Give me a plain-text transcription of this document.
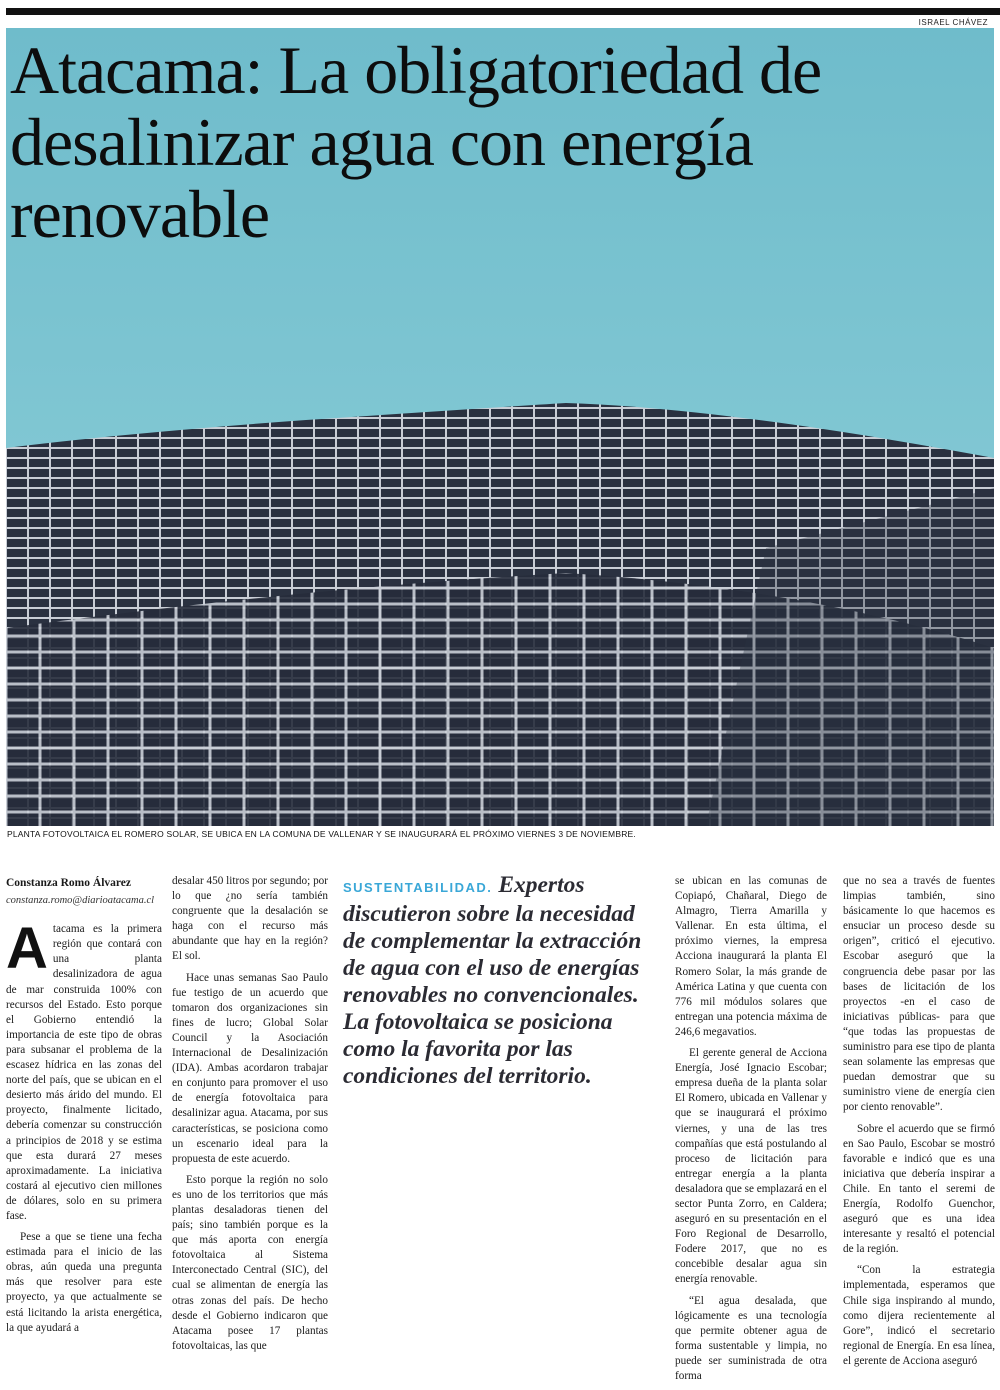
ISRAEL CHÁVEZ
Atacama: La obligatoriedad de desalinizar agua con energía renovable
PLANTA FOTOVOLTAICA EL ROMERO SOLAR, SE UBICA EN LA COMUNA DE VALLENAR Y SE INAUGURARÁ EL PRÓXIMO VIERNES 3 DE NOVIEMBRE.
Constanza Romo Álvarez
constanza.romo@diarioatacama.cl

Atacama es la primera región que contará con una planta desalinizadora de agua de mar construida 100% con recursos del Estado. Esto porque el Gobierno entendió la importancia de este tipo de obras para subsanar el problema de la escasez hídrica en las zonas del norte del país, que se ubican en el desierto más árido del mundo. El proyecto, finalmente licitado, debería comenzar su construcción a principios de 2018 y se estima que esta durará 27 meses aproximadamente. La iniciativa costará al ejecutivo cien millones de dólares, solo en su primera fase.

Pese a que se tiene una fecha estimada para el inicio de las obras, aún queda una pregunta más que resolver para este proyecto, ya que actualmente se está licitando la arista energética, la que ayudará a

desalar 450 litros por segundo; por lo que ¿no sería también congruente que la desalación se haga con el recurso más abundante que hay en la región? El sol.

Hace unas semanas Sao Paulo fue testigo de un acuerdo que tomaron dos organizaciones sin fines de lucro; Global Solar Council y la Asociación Internacional de Desalinización (IDA). Ambas acordaron trabajar en conjunto para promover el uso de energía fotovoltaica para desalinizar agua. Atacama, por sus características, se posiciona como un escenario ideal para la propuesta de este acuerdo.

Esto porque la región no solo es uno de los territorios que más plantas desaladoras tienen del país; sino también porque es la que más aporta con energía fotovoltaica al Sistema Interconectado Central (SIC), del cual se alimentan de energía las otras zonas del país. De hecho desde el Gobierno indicaron que Atacama posee 17 plantas fotovoltaicas, las que

SUSTENTABILIDAD. Expertos discutieron sobre la necesidad de complementar la extracción de agua con el uso de energías renovables no convencionales. La fotovoltaica se posiciona como la favorita por las condiciones del territorio.

se ubican en las comunas de Copiapó, Chañaral, Diego de Almagro, Tierra Amarilla y Vallenar. En esta última, el próximo viernes, la empresa Acciona inaugurará la planta El Romero Solar, la más grande de América Latina y que cuenta con 776 mil módulos solares que entregan una potencia máxima de 246,6 megavatios.

El gerente general de Acciona Energía, José Ignacio Escobar; empresa dueña de la planta solar El Romero, ubicada en Vallenar y que se inaugurará el próximo viernes, y una de las tres compañías que está postulando al proceso de licitación para entregar energía a la planta desaladora que se emplazará en el sector Punta Zorro, en Caldera; aseguró en su presentación en el Foro Regional de Desarrollo, Fodere 2017, que no es concebible desalar agua sin energía renovable.

“El agua desalada, que lógicamente es una tecnología que permite obtener agua de forma sustentable y limpia, no puede ser suministrada de otra forma

que no sea a través de fuentes limpias también, sino básicamente lo que hacemos es ensuciar un proceso desde su origen”, criticó el ejecutivo. Escobar aseguró que la congruencia debe pasar por las bases de licitación de los proyectos -en el caso de iniciativas públicas- para que “que todas las propuestas de suministro para ese tipo de planta sean solamente las empresas que puedan demostrar que su suministro viene de energía cien por ciento renovable”.

Sobre el acuerdo que se firmó en Sao Paulo, Escobar se mostró favorable e indicó que es una iniciativa que debería inspirar a Chile. En tanto el seremi de Energía, Rodolfo Guenchor, aseguró que es una idea interesante y resaltó el potencial de la región.

“Con la estrategia implementada, esperamos que Chile siga inspirando al mundo, como dijera recientemente al Gore”, indicó el secretario regional de Energía. En esa línea, el gerente de Acciona aseguró
